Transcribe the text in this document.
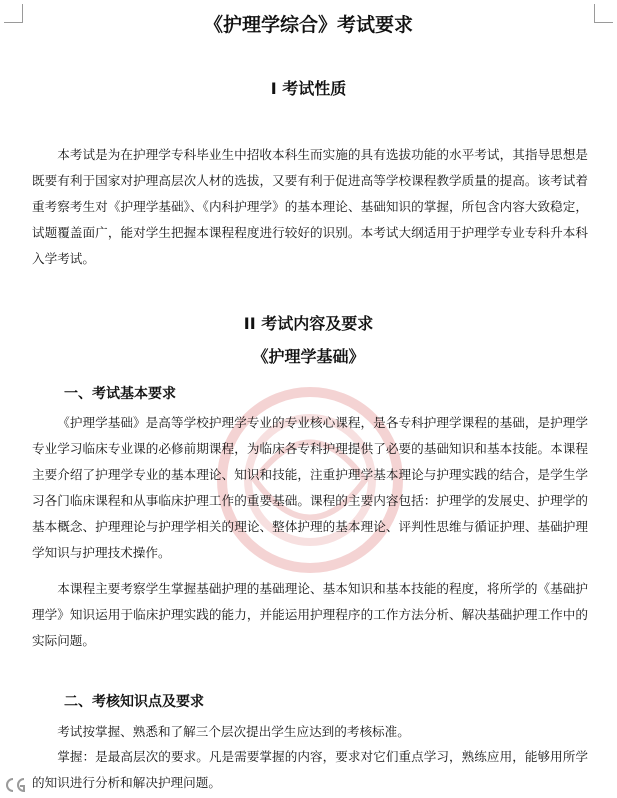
《护理学综合》考试要求
I 考试性质

本考试是为在护理学专科毕业生中招收本科生而实施的具有选拔功能的水平考试，其指导思想是既要有利于国家对护理高层次人材的选拔，又要有利于促进高等学校课程教学质量的提高。该考试着重考察考生对《护理学基础》、《内科护理学》的基本理论、基础知识的掌握，所包含内容大致稳定，试题覆盖面广，能对学生把握本课程程度进行较好的识别。本考试大纲适用于护理学专业专科升本科入学考试。

II 考试内容及要求
《护理学基础》
一、考试基本要求

《护理学基础》是高等学校护理学专业的专业核心课程，是各专科护理学课程的基础，是护理学专业学习临床专业课的必修前期课程，为临床各专科护理提供了必要的基础知识和基本技能。本课程主要介绍了护理学专业的基本理论、知识和技能，注重护理学基本理论与护理实践的结合，是学生学习各门临床课程和从事临床护理工作的重要基础。课程的主要内容包括：护理学的发展史、护理学的基本概念、护理理论与护理学相关的理论、整体护理的基本理论、评判性思维与循证护理、基础护理学知识与护理技术操作。

本课程主要考察学生掌握基础护理的基础理论、基本知识和基本技能的程度，将所学的《基础护理学》知识运用于临床护理实践的能力，并能运用护理程序的工作方法分析、解决基础护理工作中的实际问题。

二、考核知识点及要求

考试按掌握、熟悉和了解三个层次提出学生应达到的考核标准。

掌握：是最高层次的要求。凡是需要掌握的内容，要求对它们重点学习，熟练应用，能够用所学的知识进行分析和解决护理问题。
